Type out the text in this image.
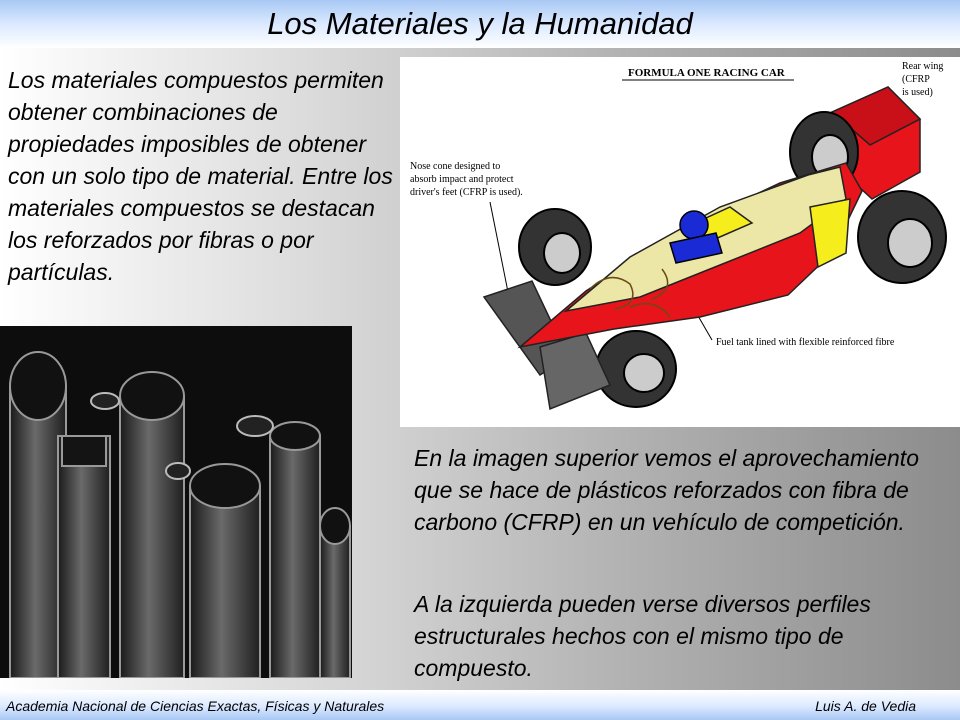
Los Materiales y la Humanidad
Los materiales compuestos permiten obtener combinaciones de propiedades imposibles de obtener con un solo tipo de material. Entre los materiales compuestos se destacan los reforzados por fibras o por partículas.
FORMULA ONE RACING CAR
Rear wing (CFRP is used)
Nose cone designed to absorb impact and protect driver's feet (CFRP is used).
Fuel tank lined with flexible reinforced fibre
En la imagen superior vemos el aprovechamiento que se hace de plásticos reforzados con fibra de carbono (CFRP) en un vehículo de competición.
A la izquierda pueden verse diversos perfiles estructurales hechos con el mismo tipo de compuesto.
Academia Nacional de Ciencias Exactas, Físicas y Naturales	Luis A. de Vedia
